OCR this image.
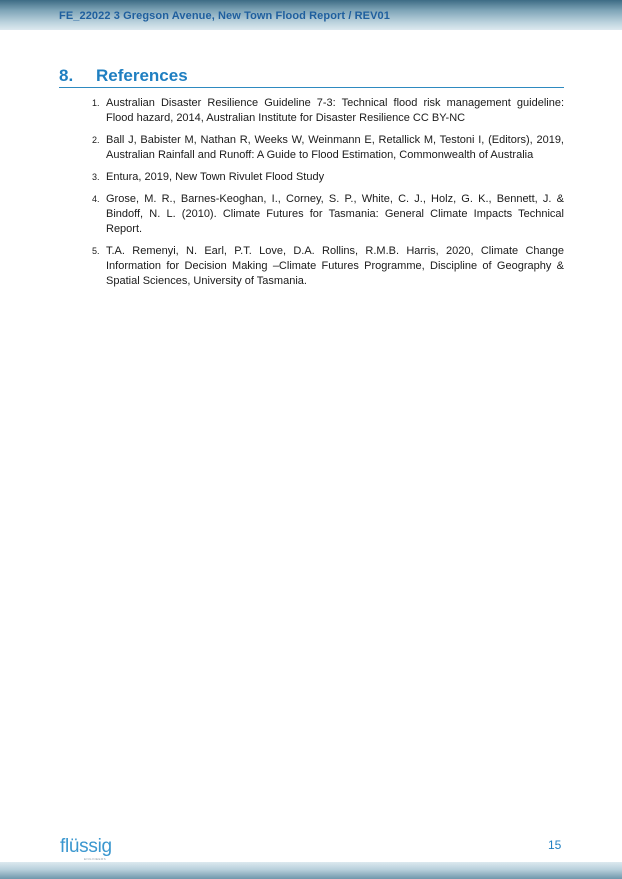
FE_22022 3 Gregson Avenue, New Town Flood Report / REV01
8. References
1. Australian Disaster Resilience Guideline 7-3: Technical flood risk management guideline: Flood hazard, 2014, Australian Institute for Disaster Resilience CC BY-NC
2. Ball J, Babister M, Nathan R, Weeks W, Weinmann E, Retallick M, Testoni I, (Editors), 2019, Australian Rainfall and Runoff: A Guide to Flood Estimation, Commonwealth of Australia
3. Entura, 2019, New Town Rivulet Flood Study
4. Grose, M. R., Barnes-Keoghan, I., Corney, S. P., White, C. J., Holz, G. K., Bennett, J. & Bindoff, N. L. (2010). Climate Futures for Tasmania: General Climate Impacts Technical Report.
5. T.A. Remenyi, N. Earl, P.T. Love, D.A. Rollins, R.M.B. Harris, 2020, Climate Change Information for Decision Making –Climate Futures Programme, Discipline of Geography & Spatial Sciences, University of Tasmania.
flüssig
ENGINEERS
15
